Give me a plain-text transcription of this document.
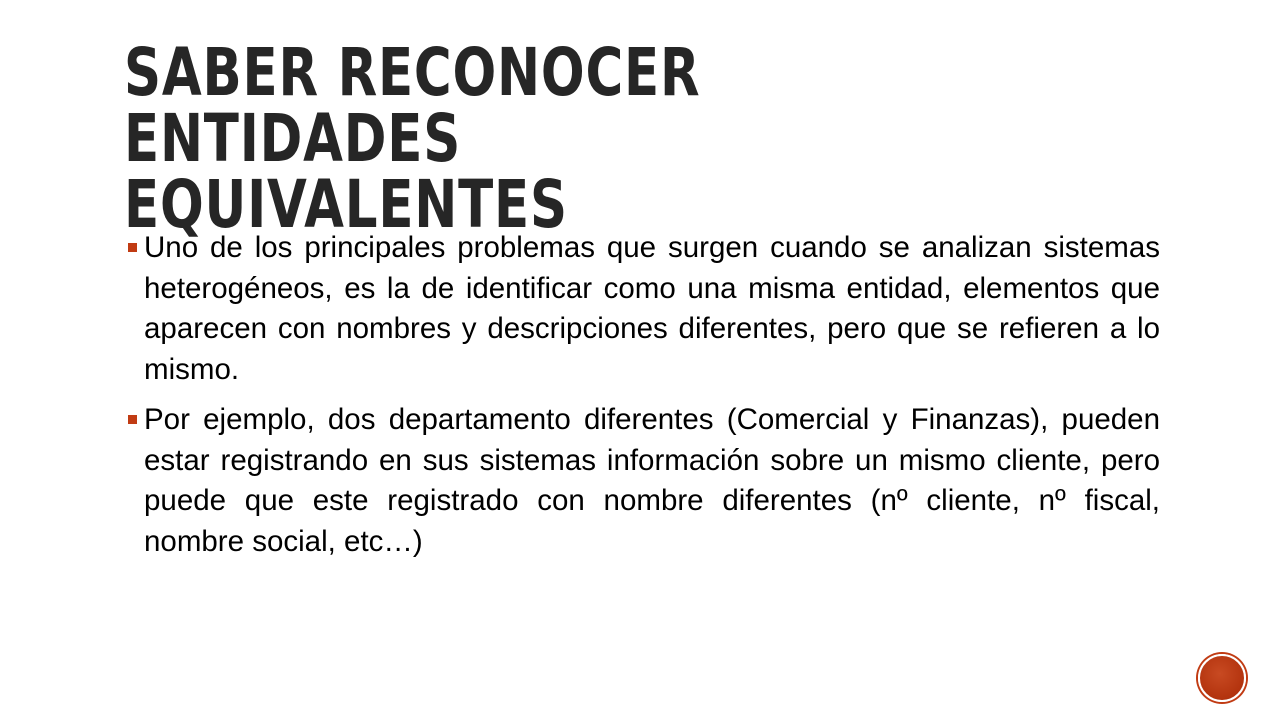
SABER RECONOCER ENTIDADES EQUIVALENTES
Uno de los principales problemas que surgen cuando se analizan sistemas heterogéneos, es la de identificar como una misma entidad, elementos que aparecen con nombres y descripciones diferentes, pero que se refieren a lo mismo.
Por ejemplo, dos departamento diferentes (Comercial y Finanzas), pueden estar registrando en sus sistemas información sobre un mismo cliente, pero puede que este registrado con nombre diferentes (nº cliente, nº fiscal, nombre social, etc…)
